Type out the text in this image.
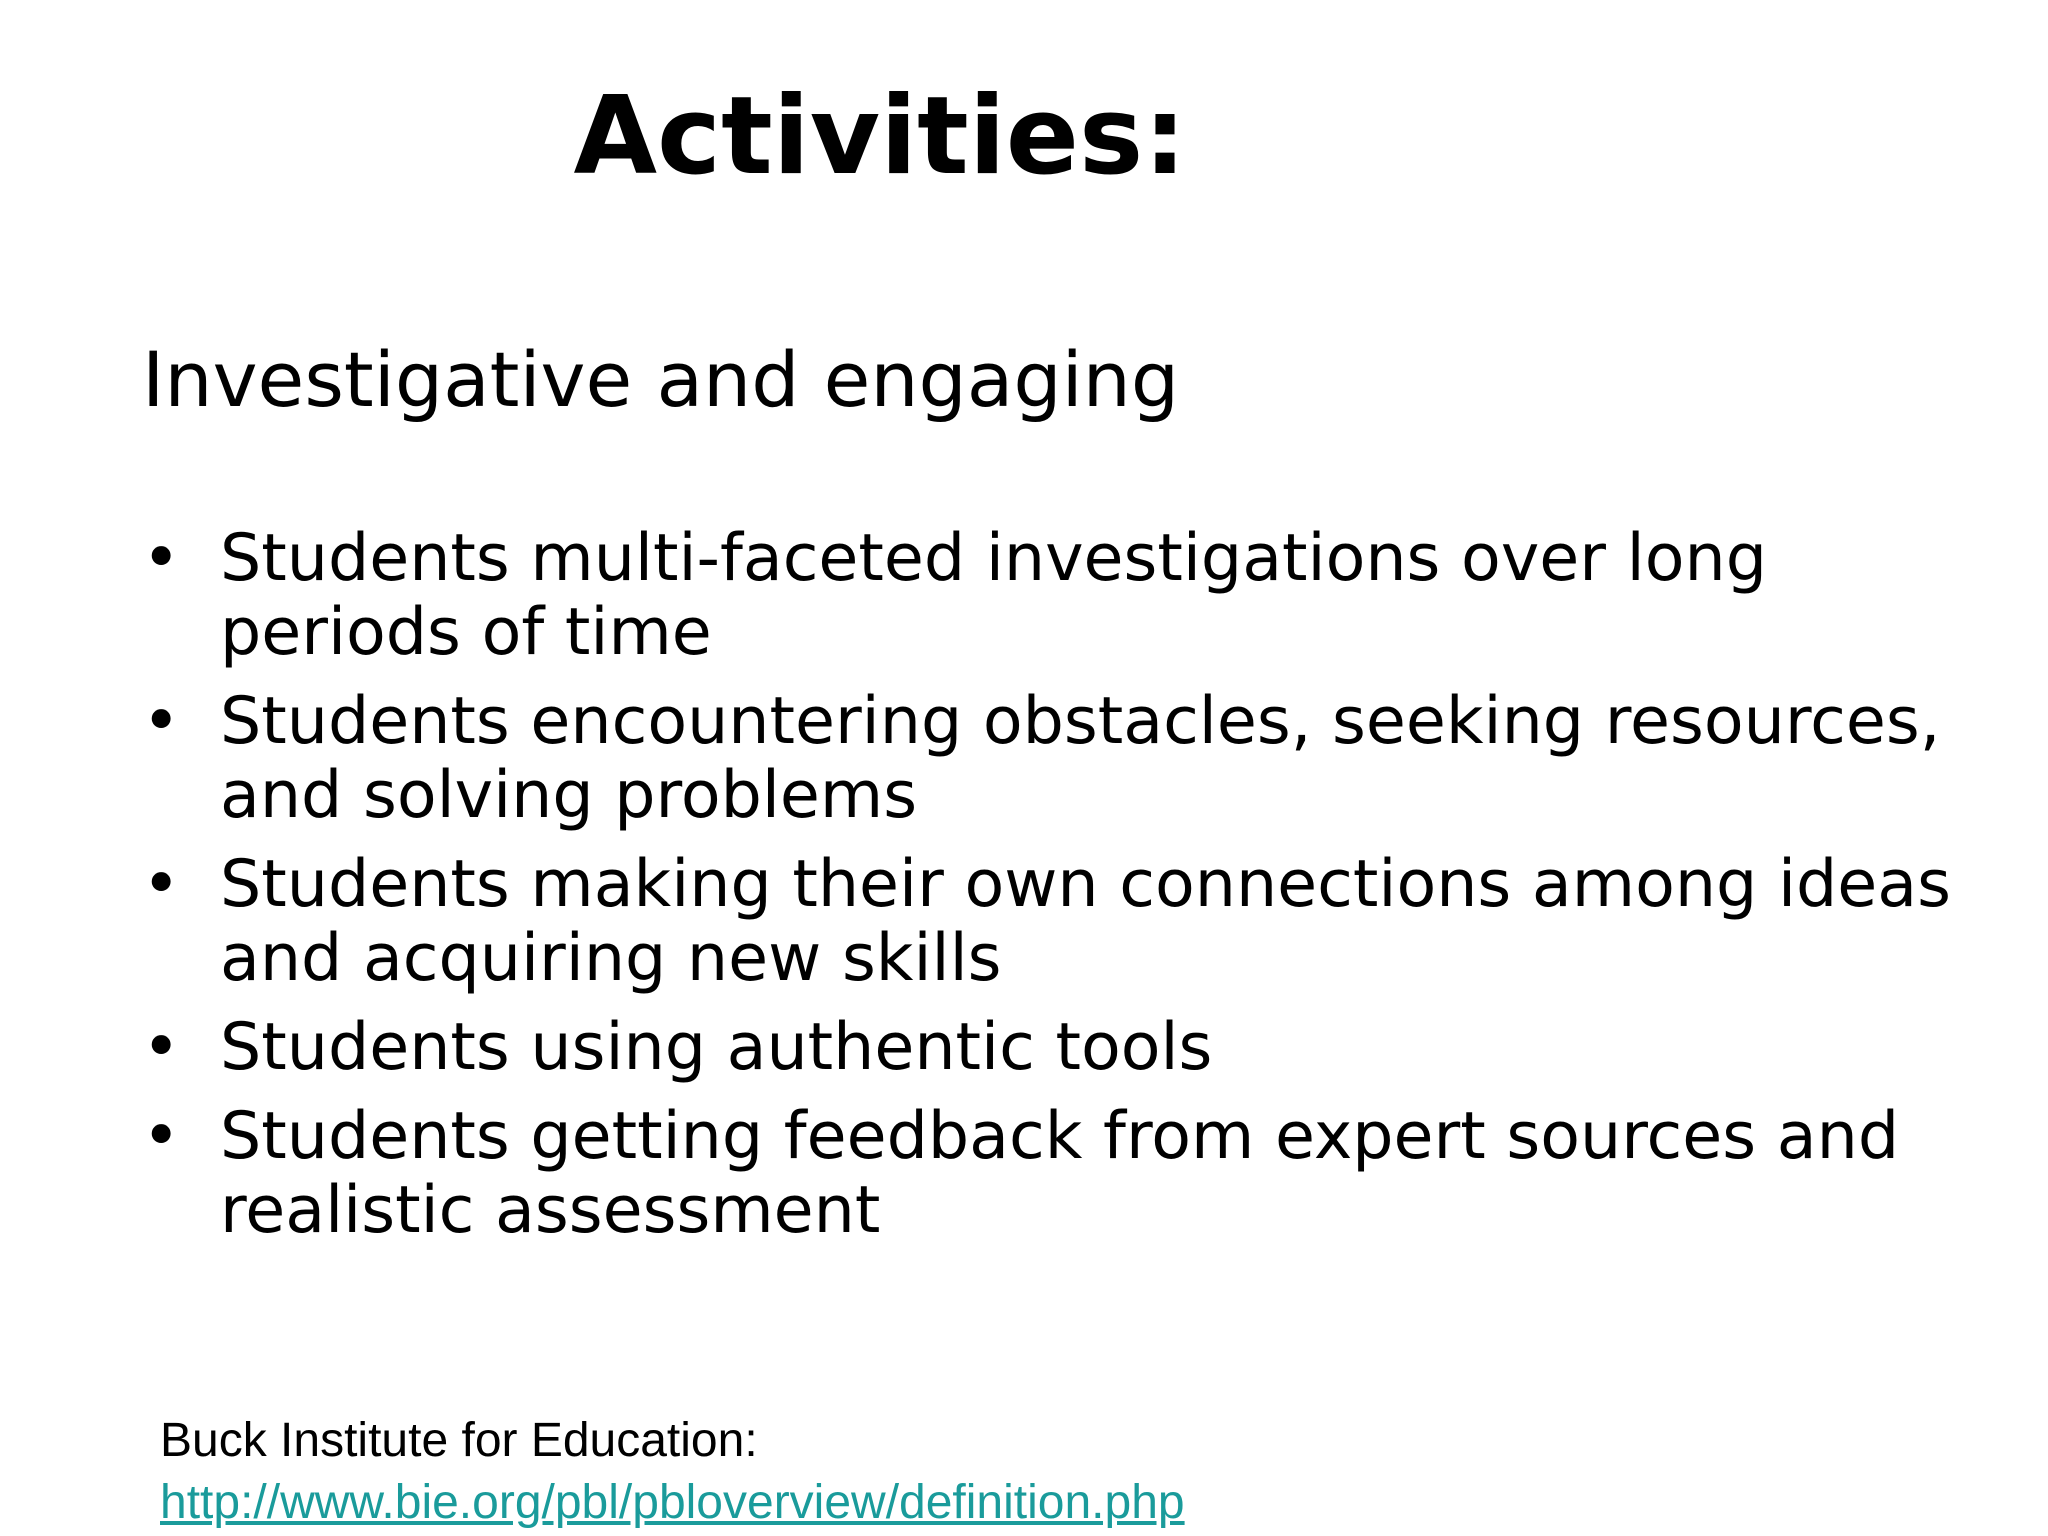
Activities:

Investigative and engaging

• Students multi-faceted investigations over long periods of time
• Students encountering obstacles, seeking resources, and solving problems
• Students making their own connections among ideas and acquiring new skills
• Students using authentic tools
• Students getting feedback from expert sources and realistic assessment
Buck Institute for Education:
http://www.bie.org/pbl/pbloverview/definition.php
